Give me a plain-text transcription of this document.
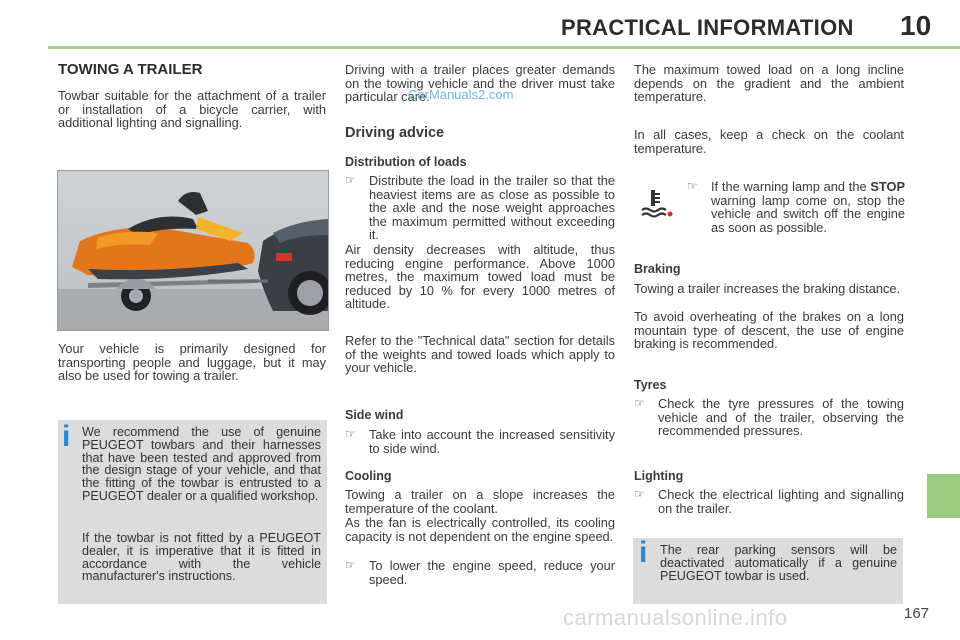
PRACTICAL INFORMATION 10
TOWING A TRAILER
Towbar suitable for the attachment of a trailer or installation of a bicycle carrier, with additional lighting and signalling.
Your vehicle is primarily designed for transporting people and luggage, but it may also be used for towing a trailer.
i We recommend the use of genuine PEUGEOT towbars and their harnesses that have been tested and approved from the design stage of your vehicle, and that the fitting of the towbar is entrusted to a PEUGEOT dealer or a qualified workshop.
If the towbar is not fitted by a PEUGEOT dealer, it is imperative that it is fitted in accordance with the vehicle manufacturer's instructions.
Driving with a trailer places greater demands on the towing vehicle and the driver must take particular care.
CarManuals2.com
Driving advice
Distribution of loads
☞ Distribute the load in the trailer so that the heaviest items are as close as possible to the axle and the nose weight approaches the maximum permitted without exceeding it.
Air density decreases with altitude, thus reducing engine performance. Above 1000 metres, the maximum towed load must be reduced by 10 % for every 1000 metres of altitude.
Refer to the "Technical data" section for details of the weights and towed loads which apply to your vehicle.
Side wind
☞ Take into account the increased sensitivity to side wind.
Cooling
Towing a trailer on a slope increases the temperature of the coolant.
As the fan is electrically controlled, its cooling capacity is not dependent on the engine speed.
☞ To lower the engine speed, reduce your speed.
The maximum towed load on a long incline depends on the gradient and the ambient temperature.
In all cases, keep a check on the coolant temperature.
☞ If the warning lamp and the STOP warning lamp come on, stop the vehicle and switch off the engine as soon as possible.
Braking
Towing a trailer increases the braking distance.
To avoid overheating of the brakes on a long mountain type of descent, the use of engine braking is recommended.
Tyres
☞ Check the tyre pressures of the towing vehicle and of the trailer, observing the recommended pressures.
Lighting
☞ Check the electrical lighting and signalling on the trailer.
i The rear parking sensors will be deactivated automatically if a genuine PEUGEOT towbar is used.
carmanualsonline.info	167
